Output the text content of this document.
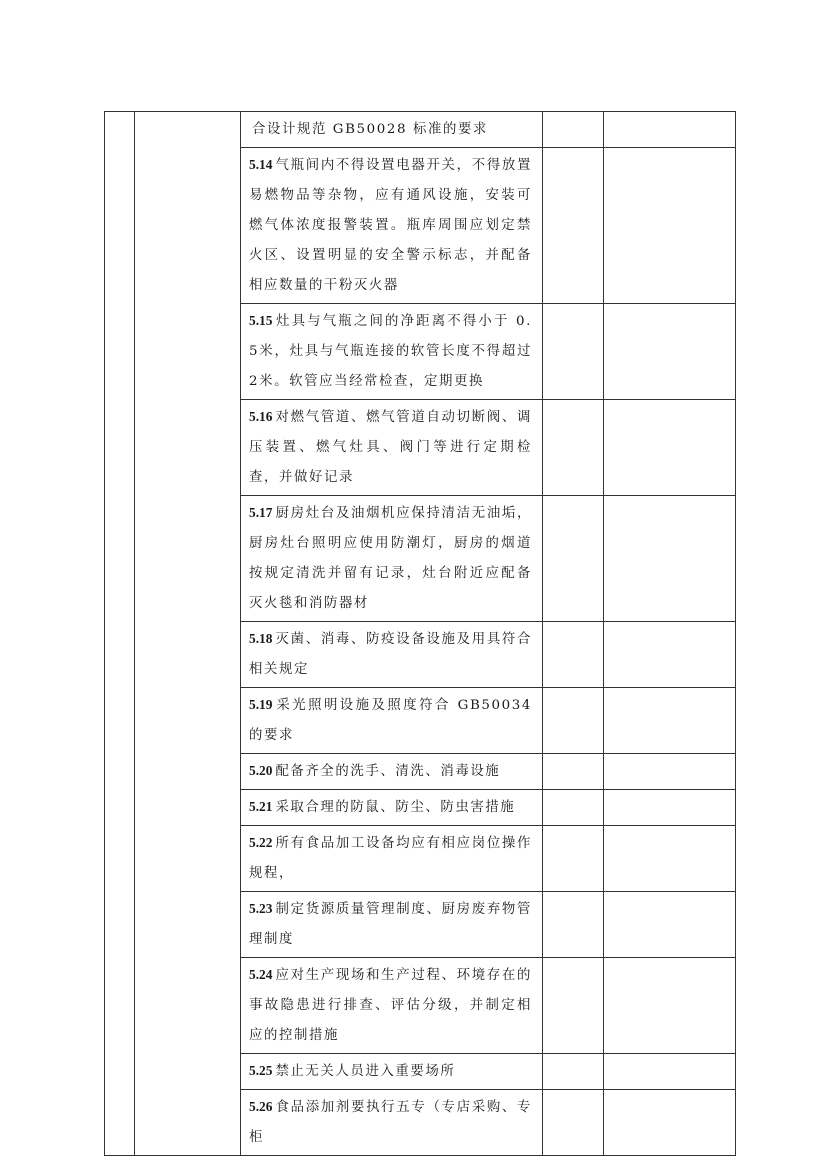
		合设计规范 GB50028 标准的要求		

		5.14 气瓶间内不得设置电器开关，不得放置易燃物品等杂物，应有通风设施，安装可燃气体浓度报警装置。瓶库周围应划定禁火区、设置明显的安全警示标志，并配备相应数量的干粉灭火器		

		5.15 灶具与气瓶之间的净距离不得小于 0.5米，灶具与气瓶连接的软管长度不得超过 2米。软管应当经常检查，定期更换		

		5.16 对燃气管道、燃气管道自动切断阀、调压装置、燃气灶具、阀门等进行定期检查，并做好记录		

		5.17 厨房灶台及油烟机应保持清洁无油垢，厨房灶台照明应使用防潮灯，厨房的烟道按规定清洗并留有记录，灶台附近应配备灭火毯和消防器材		

		5.18 灭菌、消毒、防疫设备设施及用具符合相关规定		

		5.19 采光照明设施及照度符合 GB50034 的要求		

		5.20 配备齐全的洗手、清洗、消毒设施		

		5.21 采取合理的防鼠、防尘、防虫害措施		

		5.22 所有食品加工设备均应有相应岗位操作规程，		

		5.23 制定货源质量管理制度、厨房废弃物管理制度		

		5.24 应对生产现场和生产过程、环境存在的事故隐患进行排查、评估分级，并制定相应的控制措施		

		5.25 禁止无关人员进入重要场所		

		5.26 食品添加剂要执行五专（专店采购、专柜		
